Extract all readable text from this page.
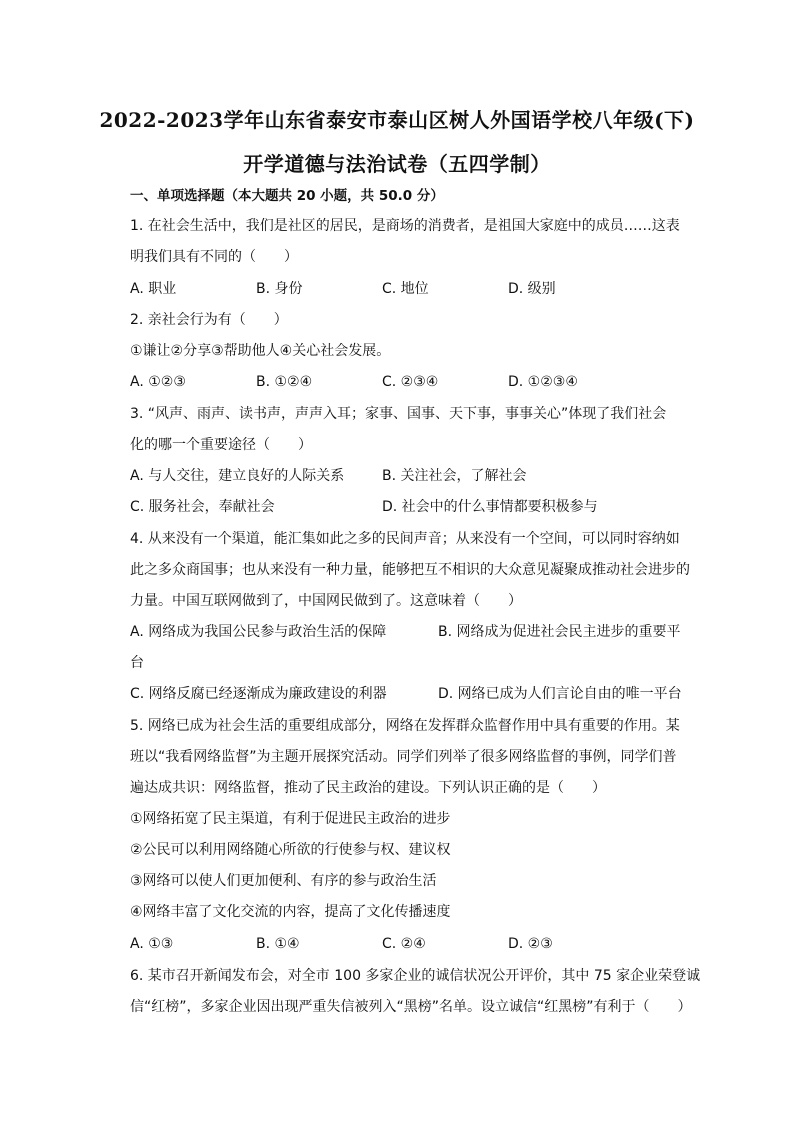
2022-2023学年山东省泰安市泰山区树人外国语学校八年级(下)
开学道德与法治试卷（五四学制）
一、单项选择题（本大题共 20 小题，共 50.0 分）
1. 在社会生活中，我们是社区的居民，是商场的消费者，是祖国大家庭中的成员……这表
明我们具有不同的（　　）
A. 职业	B. 身份	C. 地位	D. 级别
2. 亲社会行为有（　　）
①谦让②分享③帮助他人④关心社会发展。
A. ①②③	B. ①②④	C. ②③④	D. ①②③④
3. “风声、雨声、读书声，声声入耳；家事、国事、天下事，事事关心”体现了我们社会
化的哪一个重要途径（　　）
A. 与人交往，建立良好的人际关系	B. 关注社会，了解社会
C. 服务社会，奉献社会	D. 社会中的什么事情都要积极参与
4. 从来没有一个渠道，能汇集如此之多的民间声音；从来没有一个空间，可以同时容纳如
此之多众商国事；也从来没有一种力量，能够把互不相识的大众意见凝聚成推动社会进步的
力量。中国互联网做到了，中国网民做到了。这意味着（　　）
A. 网络成为我国公民参与政治生活的保障	B. 网络成为促进社会民主进步的重要平
台
C. 网络反腐已经逐渐成为廉政建设的利器	D. 网络已成为人们言论自由的唯一平台
5. 网络已成为社会生活的重要组成部分，网络在发挥群众监督作用中具有重要的作用。某
班以“我看网络监督”为主题开展探究活动。同学们列举了很多网络监督的事例，同学们普
遍达成共识：网络监督，推动了民主政治的建设。下列认识正确的是（　　）
①网络拓宽了民主渠道，有利于促进民主政治的进步
②公民可以利用网络随心所欲的行使参与权、建议权
③网络可以使人们更加便利、有序的参与政治生活
④网络丰富了文化交流的内容，提高了文化传播速度
A. ①③	B. ①④	C. ②④	D. ②③
6. 某市召开新闻发布会，对全市 100 多家企业的诚信状况公开评价，其中 75 家企业荣登诚
信“红榜”，多家企业因出现严重失信被列入“黑榜”名单。设立诚信“红黑榜”有利于（　　）
